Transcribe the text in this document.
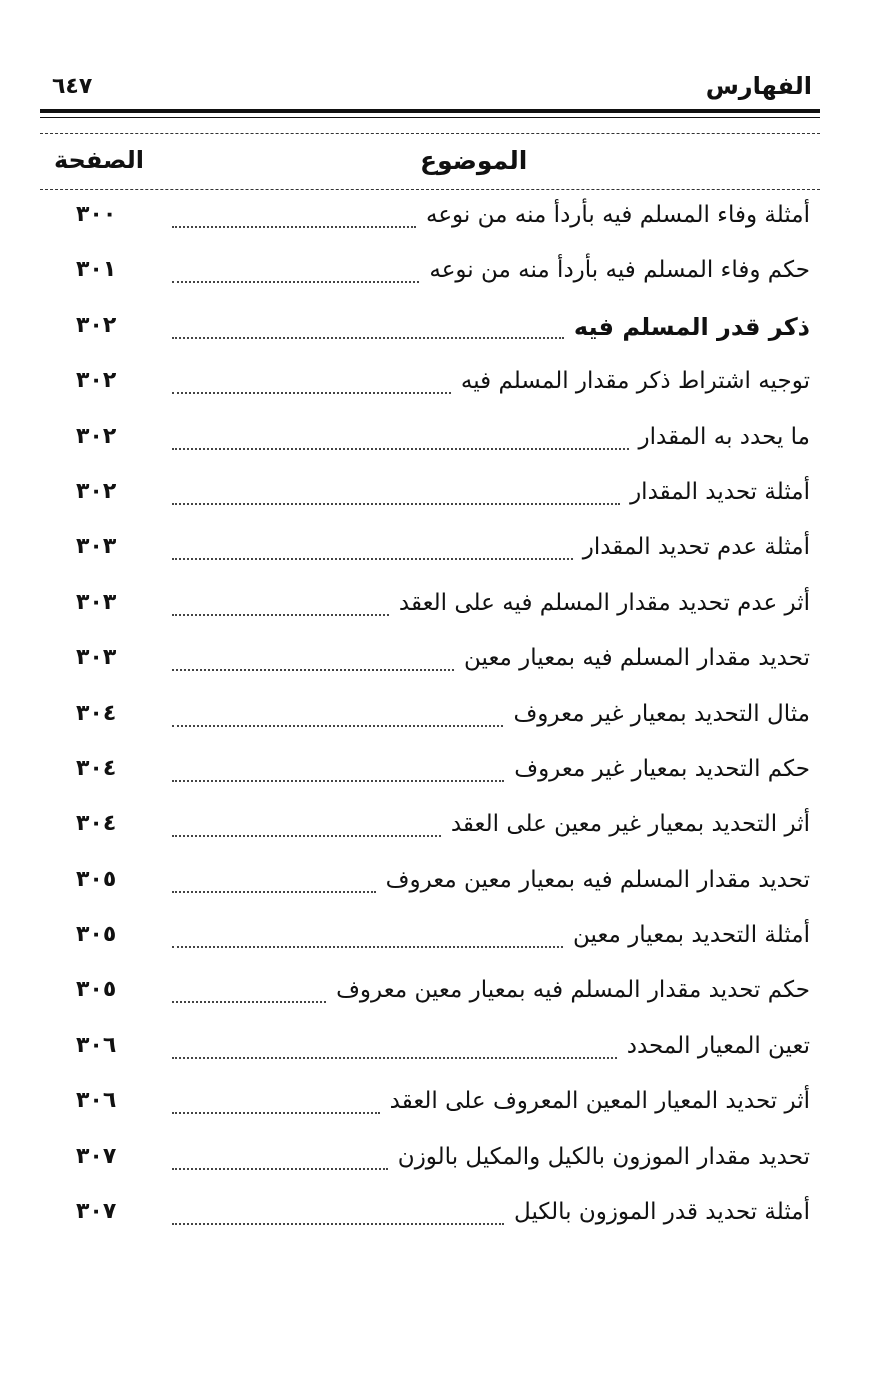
الفهارس
٦٤٧
الموضوع
الصفحة
أمثلة وفاء المسلم فيه بأردأ منه من نوعه
٣٠٠
حكم وفاء المسلم فيه بأردأ منه من نوعه
٣٠١
ذكر قدر المسلم فيه
٣٠٢
توجيه اشتراط ذكر مقدار المسلم فيه
٣٠٢
ما يحدد به المقدار
٣٠٢
أمثلة تحديد المقدار
٣٠٢
أمثلة عدم تحديد المقدار
٣٠٣
أثر عدم تحديد مقدار المسلم فيه على العقد
٣٠٣
تحديد مقدار المسلم فيه بمعيار معين
٣٠٣
مثال التحديد بمعيار غير معروف
٣٠٤
حكم التحديد بمعيار غير معروف
٣٠٤
أثر التحديد بمعيار غير معين على العقد
٣٠٤
تحديد مقدار المسلم فيه بمعيار معين معروف
٣٠٥
أمثلة التحديد بمعيار معين
٣٠٥
حكم تحديد مقدار المسلم فيه بمعيار معين معروف
٣٠٥
تعين المعيار المحدد
٣٠٦
أثر تحديد المعيار المعين المعروف على العقد
٣٠٦
تحديد مقدار الموزون بالكيل والمكيل بالوزن
٣٠٧
أمثلة تحديد قدر الموزون بالكيل
٣٠٧
